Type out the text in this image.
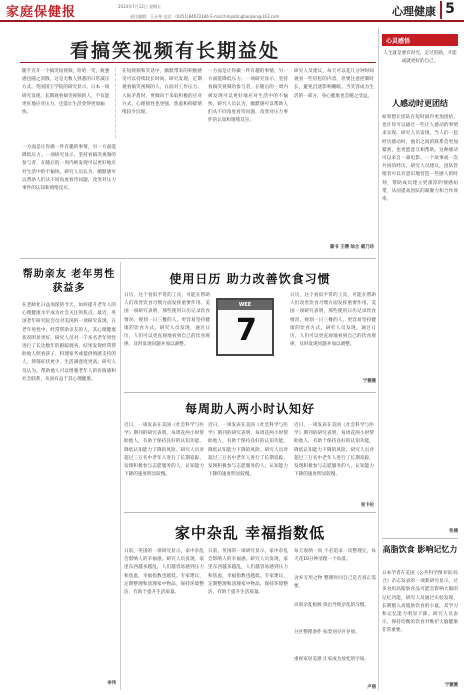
家庭保健报	2024年7月12日 星期五
责任编辑：王永琴 电话：(0451)84672186 E-mail:hrbjiatingbaojian@163.com	心理健康 5
看搞笑视频有长期益处
随手点开一个搞笑短视频，哈哈一笑，疲惫感也随之消散。这是无数人熟悉的日常减压方式。英国国王学院的研究显示，日本一项研究发现，长期观看搞笑视频的人，不仅能更好地应对压力，还能让生活变得更加愉快。
一方面是让你做一件有趣的事情，另一方面能降低压力。一项研究显示，坚持看搞笑视频的参与者，在随后的一周内被发现可以更好地应对生活中的不愉快。研究人员认为，幽默感可以帮助人们从不同角度看待问题，改变对压力事件的认知和情绪反应。
在短视频和笑话中，幽默带来的积极感受可以持续较长时间。研究发现，定期观看搞笑视频的人，在面对工作压力、人际矛盾时，更倾向于采取积极的应对方式，心理韧性也更强，焦虑和抑郁情绪较少出现。
一方面是让你做一件有趣的事情，另一方面能降低压力。一项研究显示，坚持看搞笑视频的参与者，在随后的一周内被发现可以更好地应对生活中的不愉快。研究人员认为，幽默感可以帮助人们从不同角度看待问题，改变对压力事件的认知和情绪反应。
研究人员建议，每天可以花几分钟时间观看一些轻松的内容，但要注意控制时长，避免沉迷影响睡眠。当笑容成为生活的一部分，身心健康也会随之受益。
霍书 王缨 综合 鹤乃珍
帮助亲友 老年男性获益多
在老龄化日益加深的今天，如何提升老年人的心理健康水平成为社会关注的焦点。最近，英国老年研究院会员对美国的一项研究发现，在老年男性中，经常帮助亲友的人，其心理健康状况明显更好。研究人员对一千多名老年男性进行了长达数年的跟踪调查，结果发现经常帮助他人照看孩子、料理家务或提供情感支持的人，抑郁症状更少，生活满意度更高。研究人员认为，帮助他人可以增强老年人的价值感和社会联系，从而有益于其心理健康。
李伟
使用日历 助力改善饮食习惯
日历，这个看似平常的工具，可能在帮助人们改善饮食习惯方面发挥重要作用。美国一项研究表明，那些使用日历记录饮食情况、规划一日三餐的人，更容易坚持健康的饮食方式。研究人员发现，通过日历，人们可以更直观地看到自己的饮食规律，及时发现问题并加以调整。
WEE
7
日历，这个看似平常的工具，可能在帮助人们改善饮食习惯方面发挥重要作用。美国一项研究表明，那些使用日历记录饮食情况、规划一日三餐的人，更容易坚持健康的饮食方式。研究人员发现，通过日历，人们可以更直观地看到自己的饮食规律，及时发现问题并加以调整。
宁薇薇
每周助人两小时认知好
近日，一项发表在美国《社会科学与医学》期刊的研究表明，每周花两小时帮助他人，有助于保持良好的认知功能，降低认知能力下降的风险。研究人员对超过三万名中老年人进行了长期追踪，发现积极参与志愿服务的人，认知能力下降的速度明显较慢。
近日，一项发表在美国《社会科学与医学》期刊的研究表明，每周花两小时帮助他人，有助于保持良好的认知功能，降低认知能力下降的风险。研究人员对超过三万名中老年人进行了长期追踪，发现积极参与志愿服务的人，认知能力下降的速度明显较慢。
近日，一项发表在美国《社会科学与医学》期刊的研究表明，每周花两小时帮助他人，有助于保持良好的认知功能，降低认知能力下降的风险。研究人员对超过三万名中老年人进行了长期追踪，发现积极参与志愿服务的人，认知能力下降的速度明显较慢。
张卡伦
家中杂乱 幸福指数低
日前，英国的一项研究显示，家中杂乱会影响人的幸福感。研究人员发现，家里东西越多越乱，人们越容易感到压力和焦虑，幸福指数也越低。专家建议，定期整理和清理家中物品，保持环境整洁，有助于提升生活质量。
日前，英国的一项研究显示，家中杂乱会影响人的幸福感。研究人员发现，家里东西越多越乱，人们越容易感到压力和焦虑，幸福指数也越低。专家建议，定期整理和清理家中物品，保持环境整洁，有助于提升生活质量。
每天收纳一角 不必追求一次整理完，每天花10分钟清理一个角落。
舍弃无用之物 整理时问自己是否真正需要。
识别杂乱根源 找出导致杂乱的习惯。
分区整理条件 按类别分区存放。
重视家居美感 让家成为放松的空间。
卢丽
心灵感悟
人生就是要有时光，走过的路，才能成就更好的自己。
人感动时更团结
如果想让团队在短时间内更加团结，也许你可以通过一些让人感动的事情来实现。研究人员发现，当人们一起经历感动时，他们之间的联系会更加紧密，也更愿意互相帮助。这种感动可以来自一部电影、一个故事或一次共同的经历。研究人员建议，团队管理者可以有意识地营造一些感人的时刻，帮助成员建立更深厚的情感纽带，从而提高团队的凝聚力和合作效率。
张楠
高脂饮食 影响记忆力
日本学者在美国《公共科学图书馆·综合》杂志发表的一项新研究显示，过多食用高脂肪食品可能会影响大脑的记忆功能。研究人员通过实验发现，长期摄入高脂肪饮食的小鼠，其学习和记忆能力明显下降。研究人员表示，保持均衡的饮食对维护大脑健康非常重要。
宁薇薇
